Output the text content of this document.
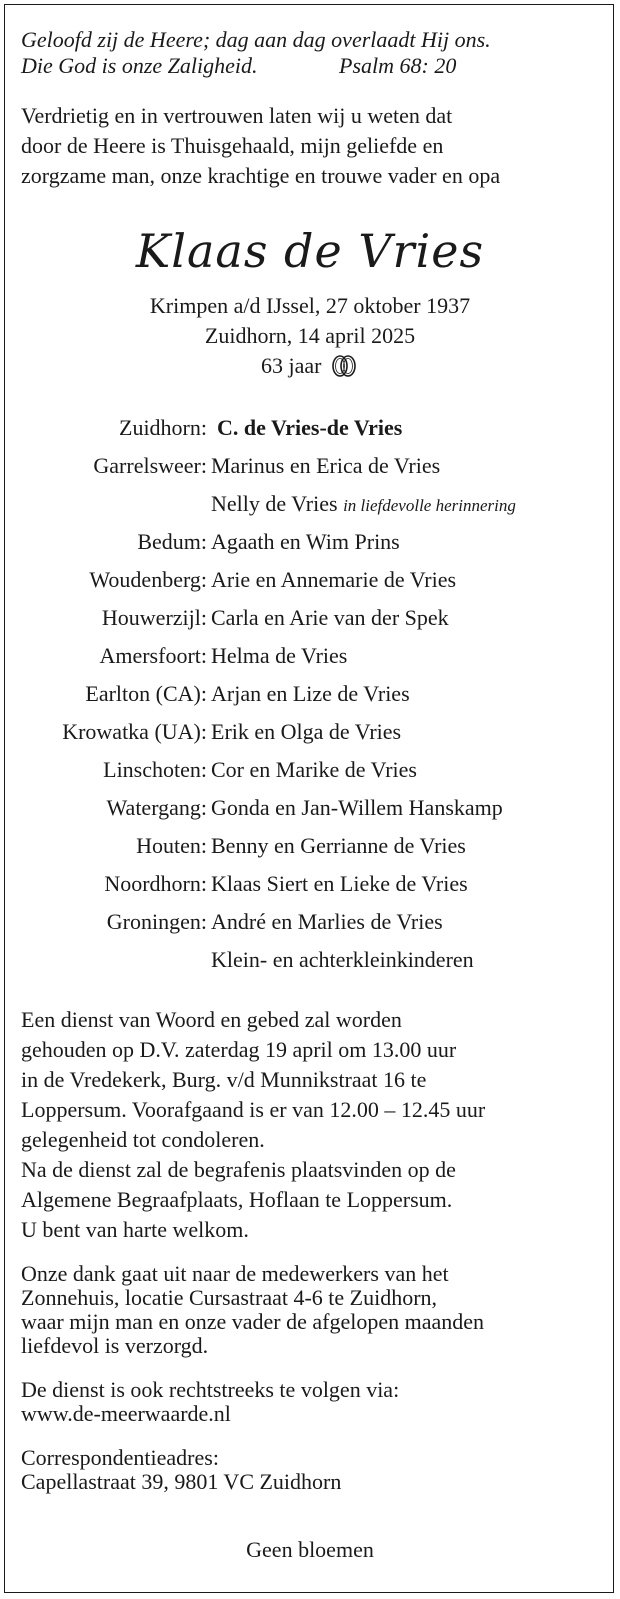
Geloofd zij de Heere; dag aan dag overlaadt Hij ons.
Die God is onze Zaligheid.	Psalm 68: 20
Verdrietig en in vertrouwen laten wij u weten dat
door de Heere is Thuisgehaald, mijn geliefde en
zorgzame man, onze krachtige en trouwe vader en opa
Klaas de Vries
Krimpen a/d IJssel, 27 oktober 1937
Zuidhorn, 14 april 2025
63 jaar
Zuidhorn: C. de Vries-de Vries
Garrelsweer: Marinus en Erica de Vries
Nelly de Vries in liefdevolle herinnering
Bedum: Agaath en Wim Prins
Woudenberg: Arie en Annemarie de Vries
Houwerzijl: Carla en Arie van der Spek
Amersfoort: Helma de Vries
Earlton (CA): Arjan en Lize de Vries
Krowatka (UA): Erik en Olga de Vries
Linschoten: Cor en Marike de Vries
Watergang: Gonda en Jan-Willem Hanskamp
Houten: Benny en Gerrianne de Vries
Noordhorn: Klaas Siert en Lieke de Vries
Groningen: André en Marlies de Vries
Klein- en achterkleinkinderen
Een dienst van Woord en gebed zal worden
gehouden op D.V. zaterdag 19 april om 13.00 uur
in de Vredekerk, Burg. v/d Munnikstraat 16 te
Loppersum. Voorafgaand is er van 12.00 – 12.45 uur
gelegenheid tot condoleren.
Na de dienst zal de begrafenis plaatsvinden op de
Algemene Begraafplaats, Hoflaan te Loppersum.
U bent van harte welkom.
Onze dank gaat uit naar de medewerkers van het
Zonnehuis, locatie Cursastraat 4-6 te Zuidhorn,
waar mijn man en onze vader de afgelopen maanden
liefdevol is verzorgd.
De dienst is ook rechtstreeks te volgen via:
www.de-meerwaarde.nl
Correspondentieadres:
Capellastraat 39, 9801 VC Zuidhorn
Geen bloemen
